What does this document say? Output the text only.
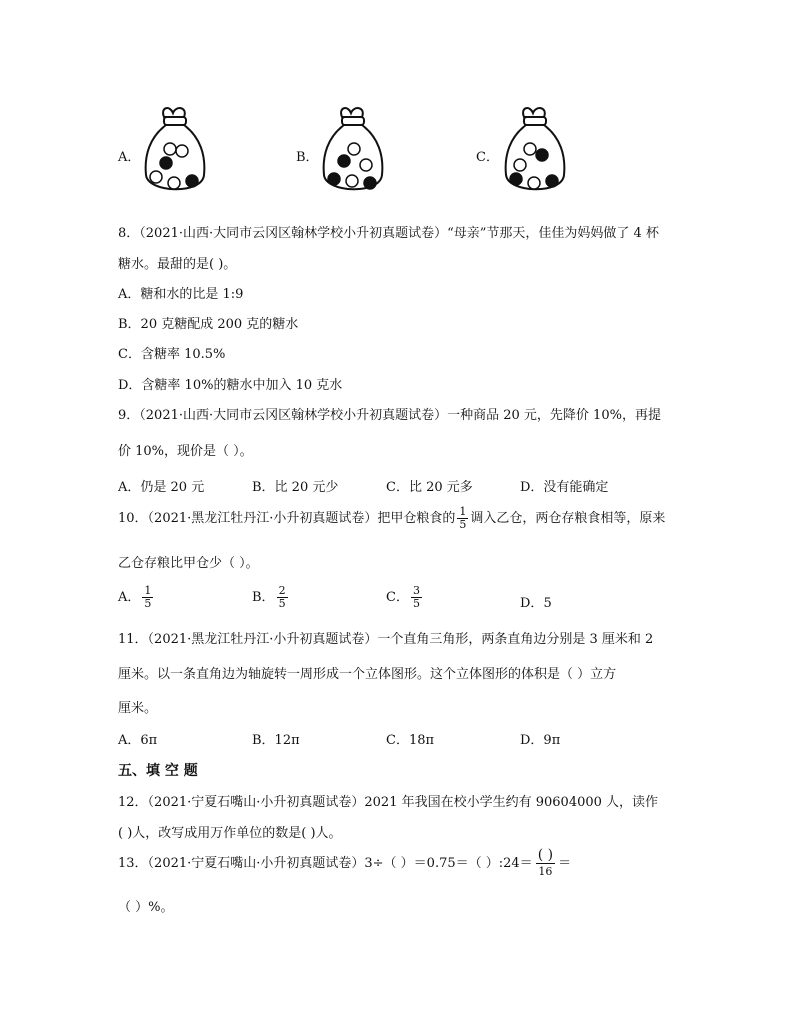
A．	B．	C．
8．（2021·山西·大同市云冈区翰林学校小升初真题试卷）“母亲”节那天，佳佳为妈妈做了 4 杯
糖水。最甜的是( )。
A．糖和水的比是 1:9
B．20 克糖配成 200 克的糖水
C．含糖率 10.5%
D．含糖率 10%的糖水中加入 10 克水
9．（2021·山西·大同市云冈区翰林学校小升初真题试卷）一种商品 20 元，先降价 10%，再提
价 10%，现价是（ ）。
A．仍是 20 元	B．比 20 元少	C．比 20 元多	D．没有能确定
10．（2021·黑龙江牡丹江·小升初真题试卷）把甲仓粮食的 $\frac{1}{5}$ 调入乙仓，两仓存粮食相等，原来
乙仓存粮比甲仓少（ ）。
A． $\frac{1}{5}$	B． $\frac{2}{5}$	C． $\frac{3}{5}$	D．5
11．（2021·黑龙江牡丹江·小升初真题试卷）一个直角三角形，两条直角边分别是 3 厘米和 2
厘米。以一条直角边为轴旋转一周形成一个立体图形。这个立体图形的体积是（ ）立方
厘米。
A．6π	B．12π	C．18π	D．9π
五、填 空 题
12．（2021·宁夏石嘴山·小升初真题试卷）2021 年我国在校小学生约有 90604000 人，读作
( )人，改写成用万作单位的数是( )人。
13．（2021·宁夏石嘴山·小升初真题试卷）3÷（ ）＝0.75＝（ ）:24＝ $\frac{( )}{16}$ ＝
（ ）%。
